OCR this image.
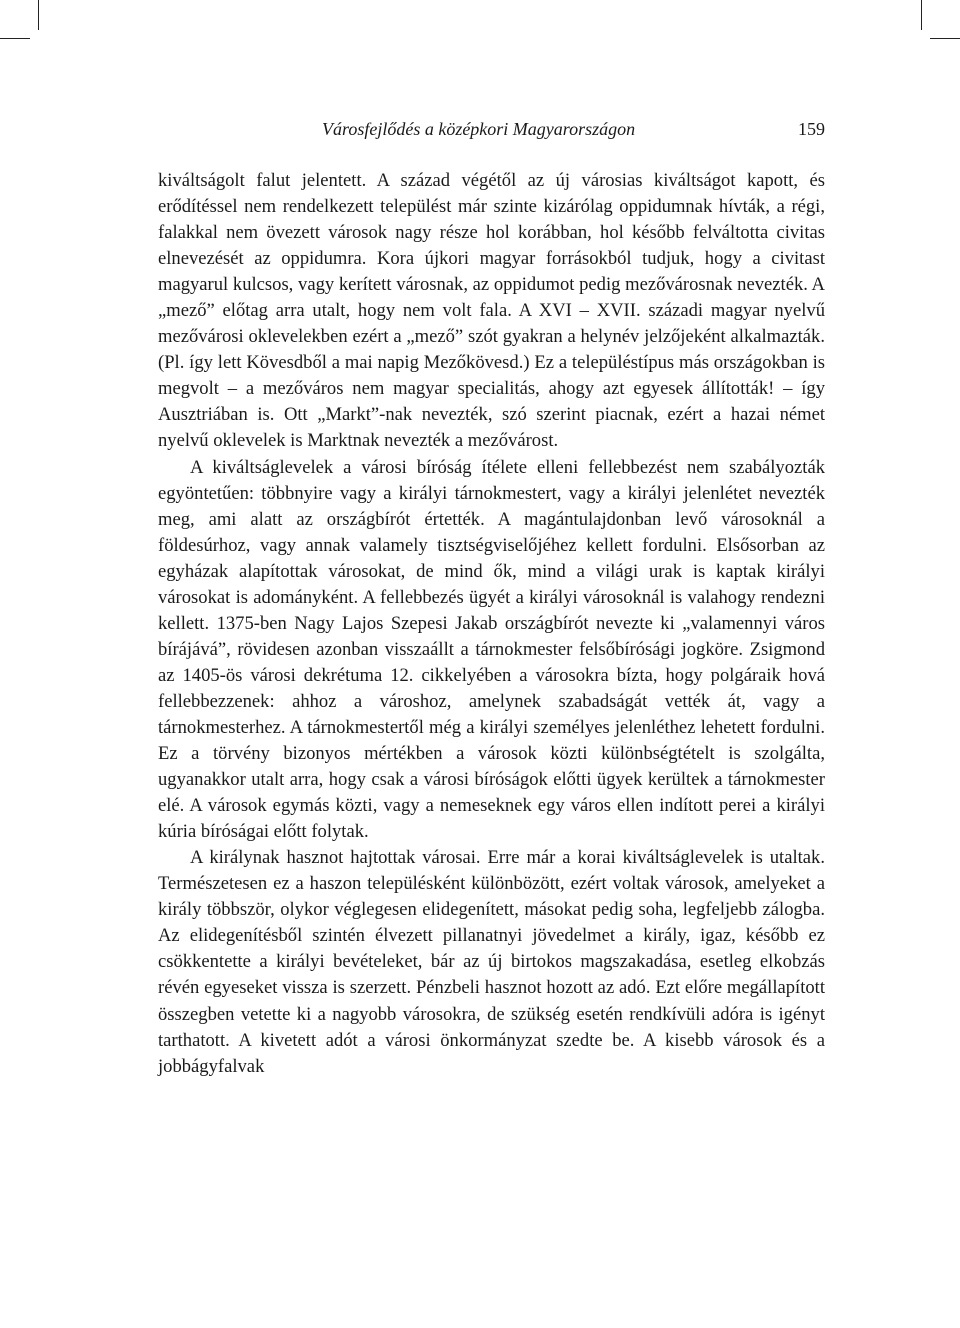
Városfejlődés a középkori Magyarországon	159

kiváltságolt falut jelentett. A század végétől az új városias kiváltságot kapott, és erődítéssel nem rendelkezett települést már szinte kizárólag oppidumnak hívták, a régi, falakkal nem övezett városok nagy része hol korábban, hol később felváltotta civitas elnevezését az oppidumra. Kora újkori magyar forrásokból tudjuk, hogy a civitast magyarul kulcsos, vagy kerített városnak, az oppidumot pedig mezővárosnak nevezték. A „mező” előtag arra utalt, hogy nem volt fala. A XVI – XVII. századi magyar nyelvű mezővárosi oklevelekben ezért a „mező” szót gyakran a helynév jelzőjeként alkalmazták. (Pl. így lett Kövesdből a mai napig Mezőkövesd.) Ez a településtípus más országokban is megvolt – a mezőváros nem magyar specialitás, ahogy azt egyesek állították! – így Ausztriában is. Ott „Markt”-nak nevezték, szó szerint piacnak, ezért a hazai német nyelvű oklevelek is Marktnak nevezték a mezővárost.

A kiváltságlevelek a városi bíróság ítélete elleni fellebbezést nem szabályozták egyöntetűen: többnyire vagy a királyi tárnokmestert, vagy a királyi jelenlétet nevezték meg, ami alatt az országbírót értették. A magántulajdonban levő városoknál a földesúrhoz, vagy annak valamely tisztségviselőjéhez kellett fordulni. Elsősorban az egyházak alapítottak városokat, de mind ők, mind a világi urak is kaptak királyi városokat is adományként. A fellebbezés ügyét a királyi városoknál is valahogy rendezni kellett. 1375-ben Nagy Lajos Szepesi Jakab országbírót nevezte ki „valamennyi város bírájává”, rövidesen azonban visszaállt a tárnokmester felsőbírósági jogköre. Zsigmond az 1405-ös városi dekrétuma 12. cikkelyében a városokra bízta, hogy polgáraik hová fellebbezzenek: ahhoz a városhoz, amelynek szabadságát vették át, vagy a tárnokmesterhez. A tárnokmestertől még a királyi személyes jelenléthez lehetett fordulni. Ez a törvény bizonyos mértékben a városok közti különbségtételt is szolgálta, ugyanakkor utalt arra, hogy csak a városi bíróságok előtti ügyek kerültek a tárnokmester elé. A városok egymás közti, vagy a nemeseknek egy város ellen indított perei a királyi kúria bíróságai előtt folytak.

A királynak hasznot hajtottak városai. Erre már a korai kiváltságlevelek is utaltak. Természetesen ez a haszon településként különbözött, ezért voltak városok, amelyeket a király többször, olykor véglegesen elidegenített, másokat pedig soha, legfeljebb zálogba. Az elidegenítésből szintén élvezett pillanatnyi jövedelmet a király, igaz, később ez csökkentette a királyi bevételeket, bár az új birtokos magszakadása, esetleg elkobzás révén egyeseket vissza is szerzett. Pénzbeli hasznot hozott az adó. Ezt előre megállapított összegben vetette ki a nagyobb városokra, de szükség esetén rendkívüli adóra is igényt tarthatott. A kivetett adót a városi önkormányzat szedte be. A kisebb városok és a jobbágyfalvak
